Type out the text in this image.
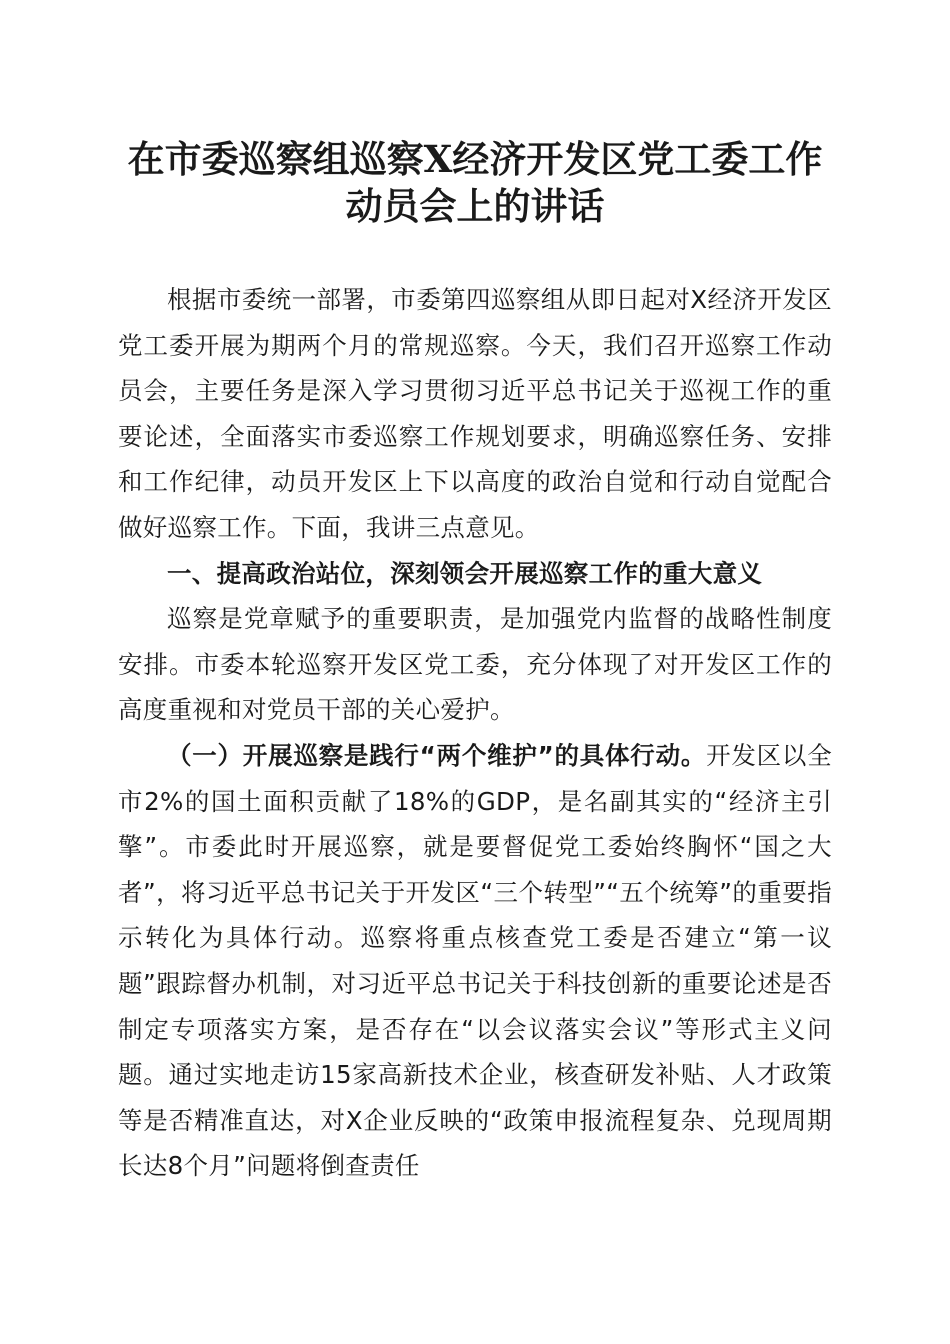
在市委巡察组巡察X经济开发区党工委工作
动员会上的讲话

根据市委统一部署，市委第四巡察组从即日起对X经济开发区党工委开展为期两个月的常规巡察。今天，我们召开巡察工作动员会，主要任务是深入学习贯彻习近平总书记关于巡视工作的重要论述，全面落实市委巡察工作规划要求，明确巡察任务、安排和工作纪律，动员开发区上下以高度的政治自觉和行动自觉配合做好巡察工作。下面，我讲三点意见。

一、提高政治站位，深刻领会开展巡察工作的重大意义

巡察是党章赋予的重要职责，是加强党内监督的战略性制度安排。市委本轮巡察开发区党工委，充分体现了对开发区工作的高度重视和对党员干部的关心爱护。

（一）开展巡察是践行“两个维护”的具体行动。开发区以全市2%的国土面积贡献了18%的GDP，是名副其实的“经济主引擎”。市委此时开展巡察，就是要督促党工委始终胸怀“国之大者”，将习近平总书记关于开发区“三个转型”“五个统筹”的重要指示转化为具体行动。巡察将重点核查党工委是否建立“第一议题”跟踪督办机制，对习近平总书记关于科技创新的重要论述是否制定专项落实方案，是否存在“以会议落实会议”等形式主义问题。通过实地走访15家高新技术企业，核查研发补贴、人才政策等是否精准直达，对X企业反映的“政策申报流程复杂、兑现周期长达8个月”问题将倒查责任
